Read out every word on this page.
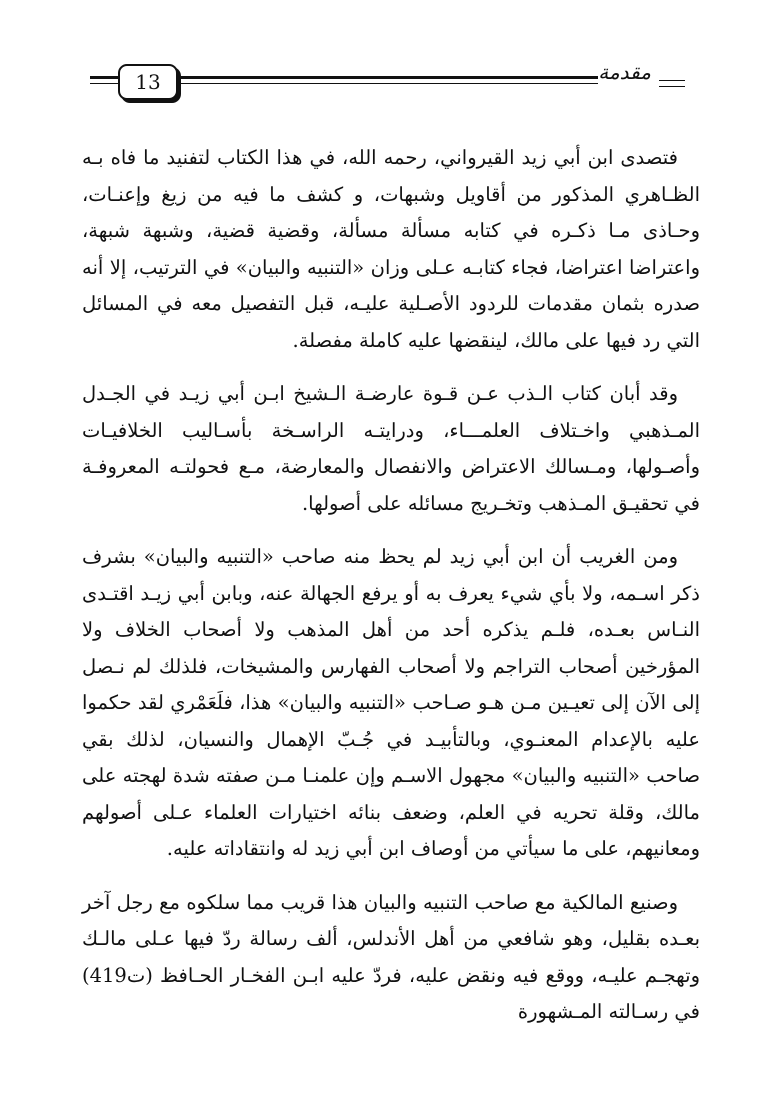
13	مقدمة

فتصدى ابن أبي زيد القيرواني، رحمه الله، في هذا الكتاب لتفنيد ما فاه بـه الظـاهري المذكور من أقاويل وشبهات، و كشف ما فيه من زيغ وإعنـات، وحـاذى مـا ذكـره في كتابه مسألة مسألة، وقضية قضية، وشبهة شبهة، واعتراضا اعتراضا، فجاء كتابـه عـلى وزان «التنبيه والبيان» في الترتيب، إلا أنه صدره بثمان مقدمات للردود الأصـلية عليـه، قبل التفصيل معه في المسائل التي رد فيها على مالك، لينقضها عليه كاملة مفصلة.

وقد أبان كتاب الـذب عـن قـوة عارضـة الـشيخ ابـن أبي زيـد في الجـدل المـذهبي واخـتلاف العلمـــاء، ودرايتـه الراسـخة بأسـاليب الخلافيـات وأصـولها، ومـسالك الاعتراض والانفصال والمعارضة، مـع فحولتـه المعروفـة في تحقيـق المـذهب وتخـريج مسائله على أصولها.

ومن الغريب أن ابن أبي زيد لم يحظ منه صاحب «التنبيه والبيان» بشرف ذكر اسـمه، ولا بأي شيء يعرف به أو يرفع الجهالة عنه، وبابن أبي زيـد اقتـدى النـاس بعـده، فلـم يذكره أحد من أهل المذهب ولا أصحاب الخلاف ولا المؤرخين أصحاب التراجم ولا أصحاب الفهارس والمشيخات، فلذلك لم نـصل إلى الآن إلى تعيـين مـن هـو صـاحب «التنبيه والبيان» هذا، فلَعَمْري لقد حكموا عليه بالإعدام المعنـوي، وبالتأبيـد في جُـبّ الإهمال والنسيان، لذلك بقي صاحب «التنبيه والبيان» مجهول الاسـم وإن علمنـا مـن صفته شدة لهجته على مالك، وقلة تحريه في العلم، وضعف بنائه اختيارات العلماء عـلى أصولهم ومعانيهم، على ما سيأتي من أوصاف ابن أبي زيد له وانتقاداته عليه.

وصنيع المالكية مع صاحب التنبيه والبيان هذا قريب مما سلكوه مع رجل آخر بعـده بقليل، وهو شافعي من أهل الأندلس، ألف رسالة ردّ فيها عـلى مالـك وتهجـم عليـه، ووقع فيه ونقض عليه، فردّ عليه ابـن الفخـار الحـافظ (ت419) في رسـالته المـشهورة
